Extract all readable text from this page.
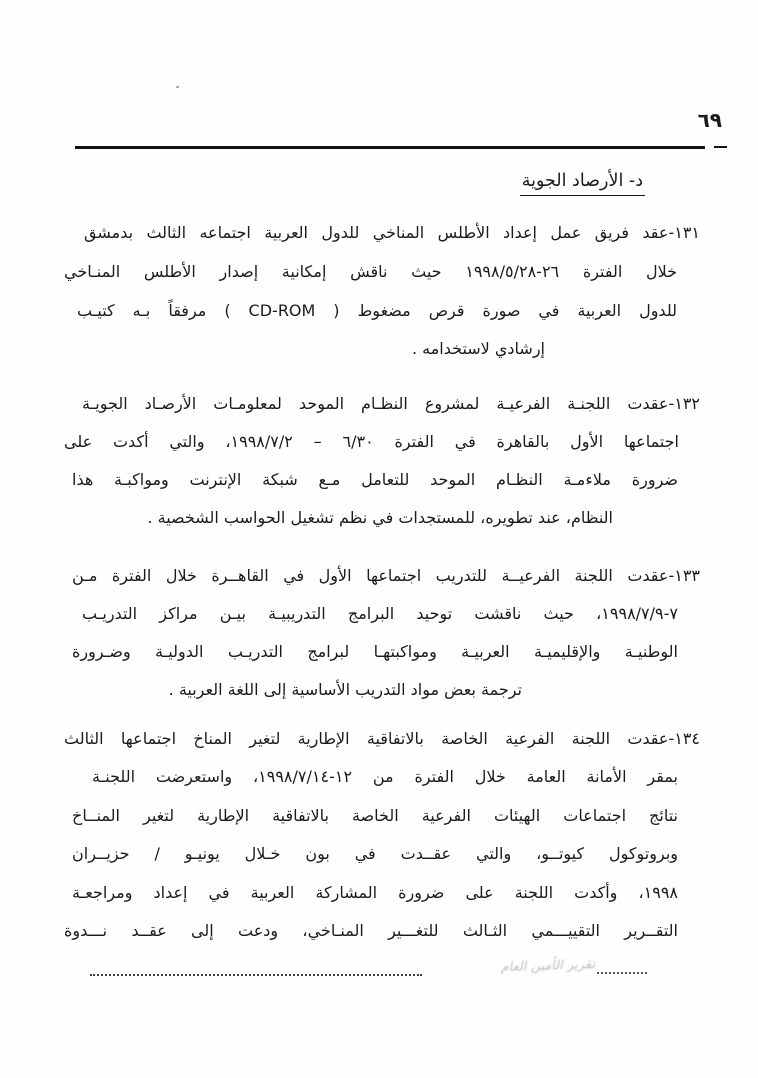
٦٩
د- الأرصاد الجوية
١٣١-عقد فريق عمل إعداد الأطلس المناخي للدول العربية اجتماعه الثالث بدمشق
خلال الفترة ٢٦-١٩٩٨/٥/٢٨ حيث ناقش إمكانية إصدار الأطلس المنـاخي
للدول العربية في صورة قرص مضغوط ( CD-ROM ) مرفقاً بـه كتيـب
إرشادي لاستخدامه .
١٣٢-عقدت اللجنـة الفرعيـة لمشروع النظـام الموحد لمعلومـات الأرصـاد الجويـة
اجتماعها الأول بالقاهرة في الفترة ٦/٣٠ – ١٩٩٨/٧/٢، والتي أكدت على
ضرورة ملاءمـة النظـام الموحد للتعامل مـع شبكة الإنترنت ومواكبـة هذا
النظام، عند تطويره، للمستجدات في نظم تشغيل الحواسب الشخصية .
١٣٣-عقدت اللجنة الفرعيــة للتدريب اجتماعها الأول في القاهــرة خلال الفترة مـن
٧-١٩٩٨/٧/٩، حيث ناقشت توحيد البرامج التدريبيـة بيـن مراكز التدريـب
الوطنيـة والإقليميـة العربيـة ومواكبتهـا لبرامج التدريـب الدوليـة وضـرورة
ترجمة بعض مواد التدريب الأساسية إلى اللغة العربية .
١٣٤-عقدت اللجنة الفرعية الخاصة بالاتفاقية الإطارية لتغير المناخ اجتماعها الثالث
بمقر الأمانة العامة خلال الفترة من ١٢-١٩٩٨/٧/١٤، واستعرضت اللجنـة
نتائج اجتماعات الهيئات الفرعية الخاصة بالاتفاقية الإطارية لتغير المنــاخ
وبروتوكول كيوتــو، والتي عقــدت في بون خـلال يونيـو / حزيــران
١٩٩٨، وأكدت اللجنة على ضرورة المشاركة العربية في إعداد ومراجعـة
التقــرير التقييـــمي الثـالث للتغـــير المنـاخي، ودعت إلى عقــد نـــدوة
تقرير الأمين العام
